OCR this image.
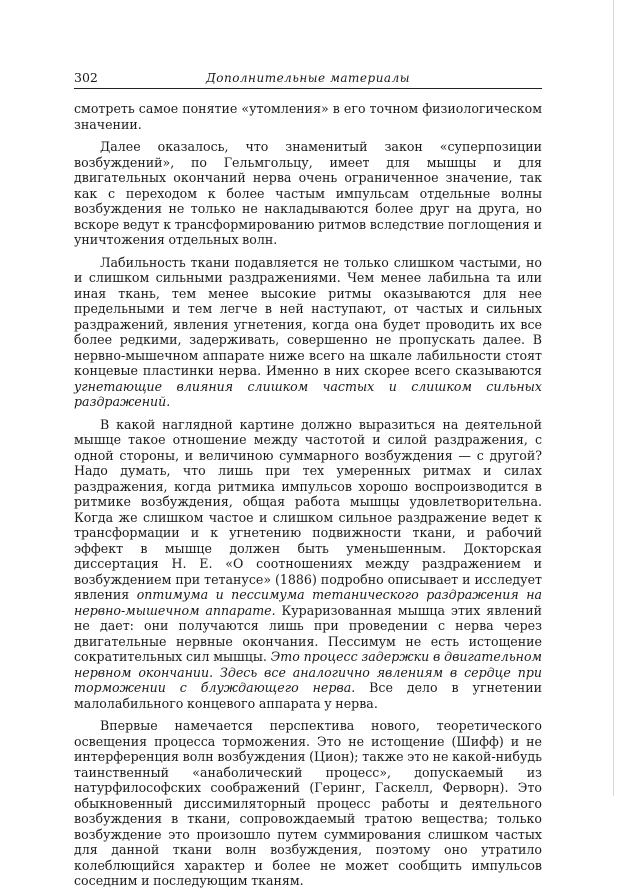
302	Дополнительные материалы

смотреть самое понятие «утомления» в его точном физиологическом значении.

Далее оказалось, что знаменитый закон «суперпозиции возбуждений», по Гельмгольцу, имеет для мышцы и для двигательных окончаний нерва очень ограниченное значение, так как с переходом к более частым импульсам отдельные волны возбуждения не только не накладываются более друг на друга, но вскоре ведут к трансформированию ритмов вследствие поглощения и уничтожения отдельных волн.

Лабильность ткани подавляется не только слишком частыми, но и слишком сильными раздражениями. Чем менее лабильна та или иная ткань, тем менее высокие ритмы оказываются для нее предельными и тем легче в ней наступают, от частых и сильных раздражений, явления угнетения, когда она будет проводить их все более редкими, задерживать, совершенно не пропускать далее. В нервно-мышечном аппарате ниже всего на шкале лабильности стоят концевые пластинки нерва. Именно в них скорее всего сказываются угнетающие влияния слишком частых и слишком сильных раздражений.

В какой наглядной картине должно выразиться на деятельной мышце такое отношение между частотой и силой раздражения, с одной стороны, и величиною суммарного возбуждения — с другой? Надо думать, что лишь при тех умеренных ритмах и силах раздражения, когда ритмика импульсов хорошо воспроизводится в ритмике возбуждения, общая работа мышцы удовлетворительна. Когда же слишком частое и слишком сильное раздражение ведет к трансформации и к угнетению подвижности ткани, и рабочий эффект в мышце должен быть уменьшенным. Докторская диссертация Н. Е. «О соотношениях между раздражением и возбуждением при тетанусе» (1886) подробно описывает и исследует явления оптимума и пессимума тетанического раздражения на нервно-мышечном аппарате. Кураризованная мышца этих явлений не дает: они получаются лишь при проведении с нерва через двигательные нервные окончания. Пессимум не есть истощение сократительных сил мышцы. Это процесс задержки в двигательном нервном окончании. Здесь все аналогично явлениям в сердце при торможении с блуждающего нерва. Все дело в угнетении малолабильного концевого аппарата у нерва.

Впервые намечается перспектива нового, теоретического освещения процесса торможения. Это не истощение (Шифф) и не интерференция волн возбуждения (Цион); также это не какой-нибудь таинственный «анаболический процесс», допускаемый из натурфилософских соображений (Геринг, Гаскелл, Ферворн). Это обыкновенный диссимиляторный процесс работы и деятельного возбуждения в ткани, сопровождаемый тратою вещества; только возбуждение это произошло путем суммирования слишком частых для данной ткани волн возбуждения, поэтому оно утратило колеблющийся характер и более не может сообщить импульсов соседним и последующим тканям.
